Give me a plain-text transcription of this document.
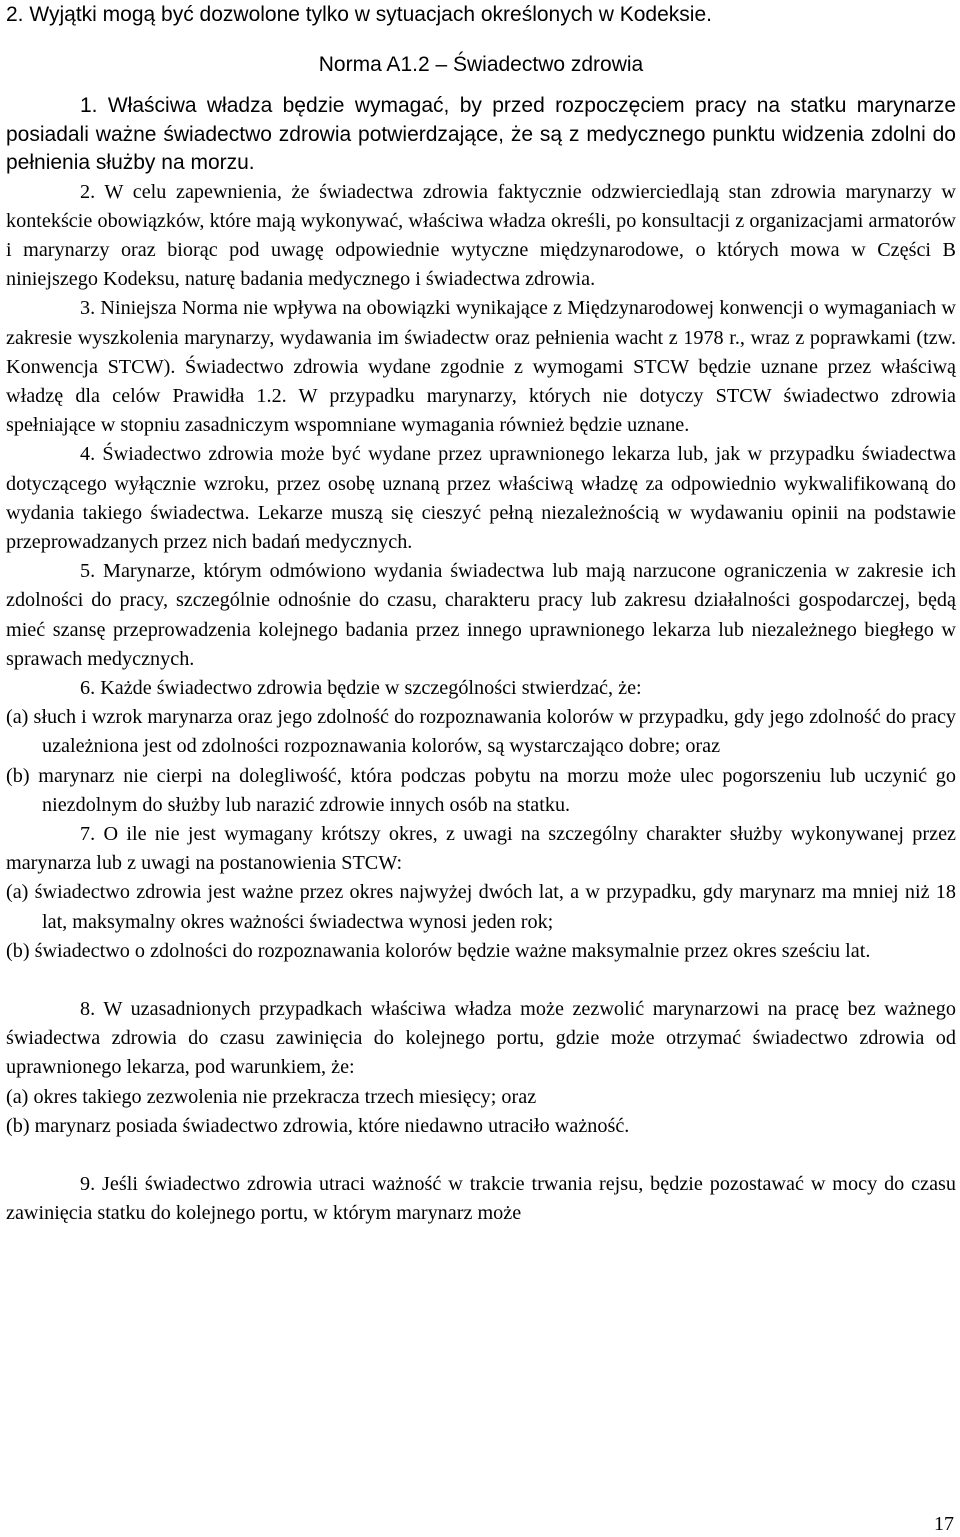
2. Wyjątki mogą być dozwolone tylko w sytuacjach określonych w Kodeksie.

Norma A1.2 – Świadectwo zdrowia

1. Właściwa władza będzie wymagać, by przed rozpoczęciem pracy na statku marynarze posiadali ważne świadectwo zdrowia potwierdzające, że są z medycznego punktu widzenia zdolni do pełnienia służby na morzu.

2. W celu zapewnienia, że świadectwa zdrowia faktycznie odzwierciedlają stan zdrowia marynarzy w kontekście obowiązków, które mają wykonywać, właściwa władza określi, po konsultacji z organizacjami armatorów i marynarzy oraz biorąc pod uwagę odpowiednie wytyczne międzynarodowe, o których mowa w Części B niniejszego Kodeksu, naturę badania medycznego i świadectwa zdrowia.

3. Niniejsza Norma nie wpływa na obowiązki wynikające z Międzynarodowej konwencji o wymaganiach w zakresie wyszkolenia marynarzy, wydawania im świadectw oraz pełnienia wacht z 1978 r., wraz z poprawkami (tzw. Konwencja STCW). Świadectwo zdrowia wydane zgodnie z wymogami STCW będzie uznane przez właściwą władzę dla celów Prawidła 1.2. W przypadku marynarzy, których nie dotyczy STCW świadectwo zdrowia spełniające w stopniu zasadniczym wspomniane wymagania również będzie uznane.

4. Świadectwo zdrowia może być wydane przez uprawnionego lekarza lub, jak w przypadku świadectwa dotyczącego wyłącznie wzroku, przez osobę uznaną przez właściwą władzę za odpowiednio wykwalifikowaną do wydania takiego świadectwa. Lekarze muszą się cieszyć pełną niezależnością w wydawaniu opinii na podstawie przeprowadzanych przez nich badań medycznych.

5. Marynarze, którym odmówiono wydania świadectwa lub mają narzucone ograniczenia w zakresie ich zdolności do pracy, szczególnie odnośnie do czasu, charakteru pracy lub zakresu działalności gospodarczej, będą mieć szansę przeprowadzenia kolejnego badania przez innego uprawnionego lekarza lub niezależnego biegłego w sprawach medycznych.

6. Każde świadectwo zdrowia będzie w szczególności stwierdzać, że:

(a) słuch i wzrok marynarza oraz jego zdolność do rozpoznawania kolorów w przypadku, gdy jego zdolność do pracy uzależniona jest od zdolności rozpoznawania kolorów, są wystarczająco dobre; oraz

(b) marynarz nie cierpi na dolegliwość, która podczas pobytu na morzu może ulec pogorszeniu lub uczynić go niezdolnym do służby lub narazić zdrowie innych osób na statku.

7. O ile nie jest wymagany krótszy okres, z uwagi na szczególny charakter służby wykonywanej przez marynarza lub z uwagi na postanowienia STCW:

(a) świadectwo zdrowia jest ważne przez okres najwyżej dwóch lat, a w przypadku, gdy marynarz ma mniej niż 18 lat, maksymalny okres ważności świadectwa wynosi jeden rok;

(b) świadectwo o zdolności do rozpoznawania kolorów będzie ważne maksymalnie przez okres sześciu lat.

8. W uzasadnionych przypadkach właściwa władza może zezwolić marynarzowi na pracę bez ważnego świadectwa zdrowia do czasu zawinięcia do kolejnego portu, gdzie może otrzymać świadectwo zdrowia od uprawnionego lekarza, pod warunkiem, że:

(a) okres takiego zezwolenia nie przekracza trzech miesięcy; oraz

(b) marynarz posiada świadectwo zdrowia, które niedawno utraciło ważność.

9. Jeśli świadectwo zdrowia utraci ważność w trakcie trwania rejsu, będzie pozostawać w mocy do czasu zawinięcia statku do kolejnego portu, w którym marynarz może

17
